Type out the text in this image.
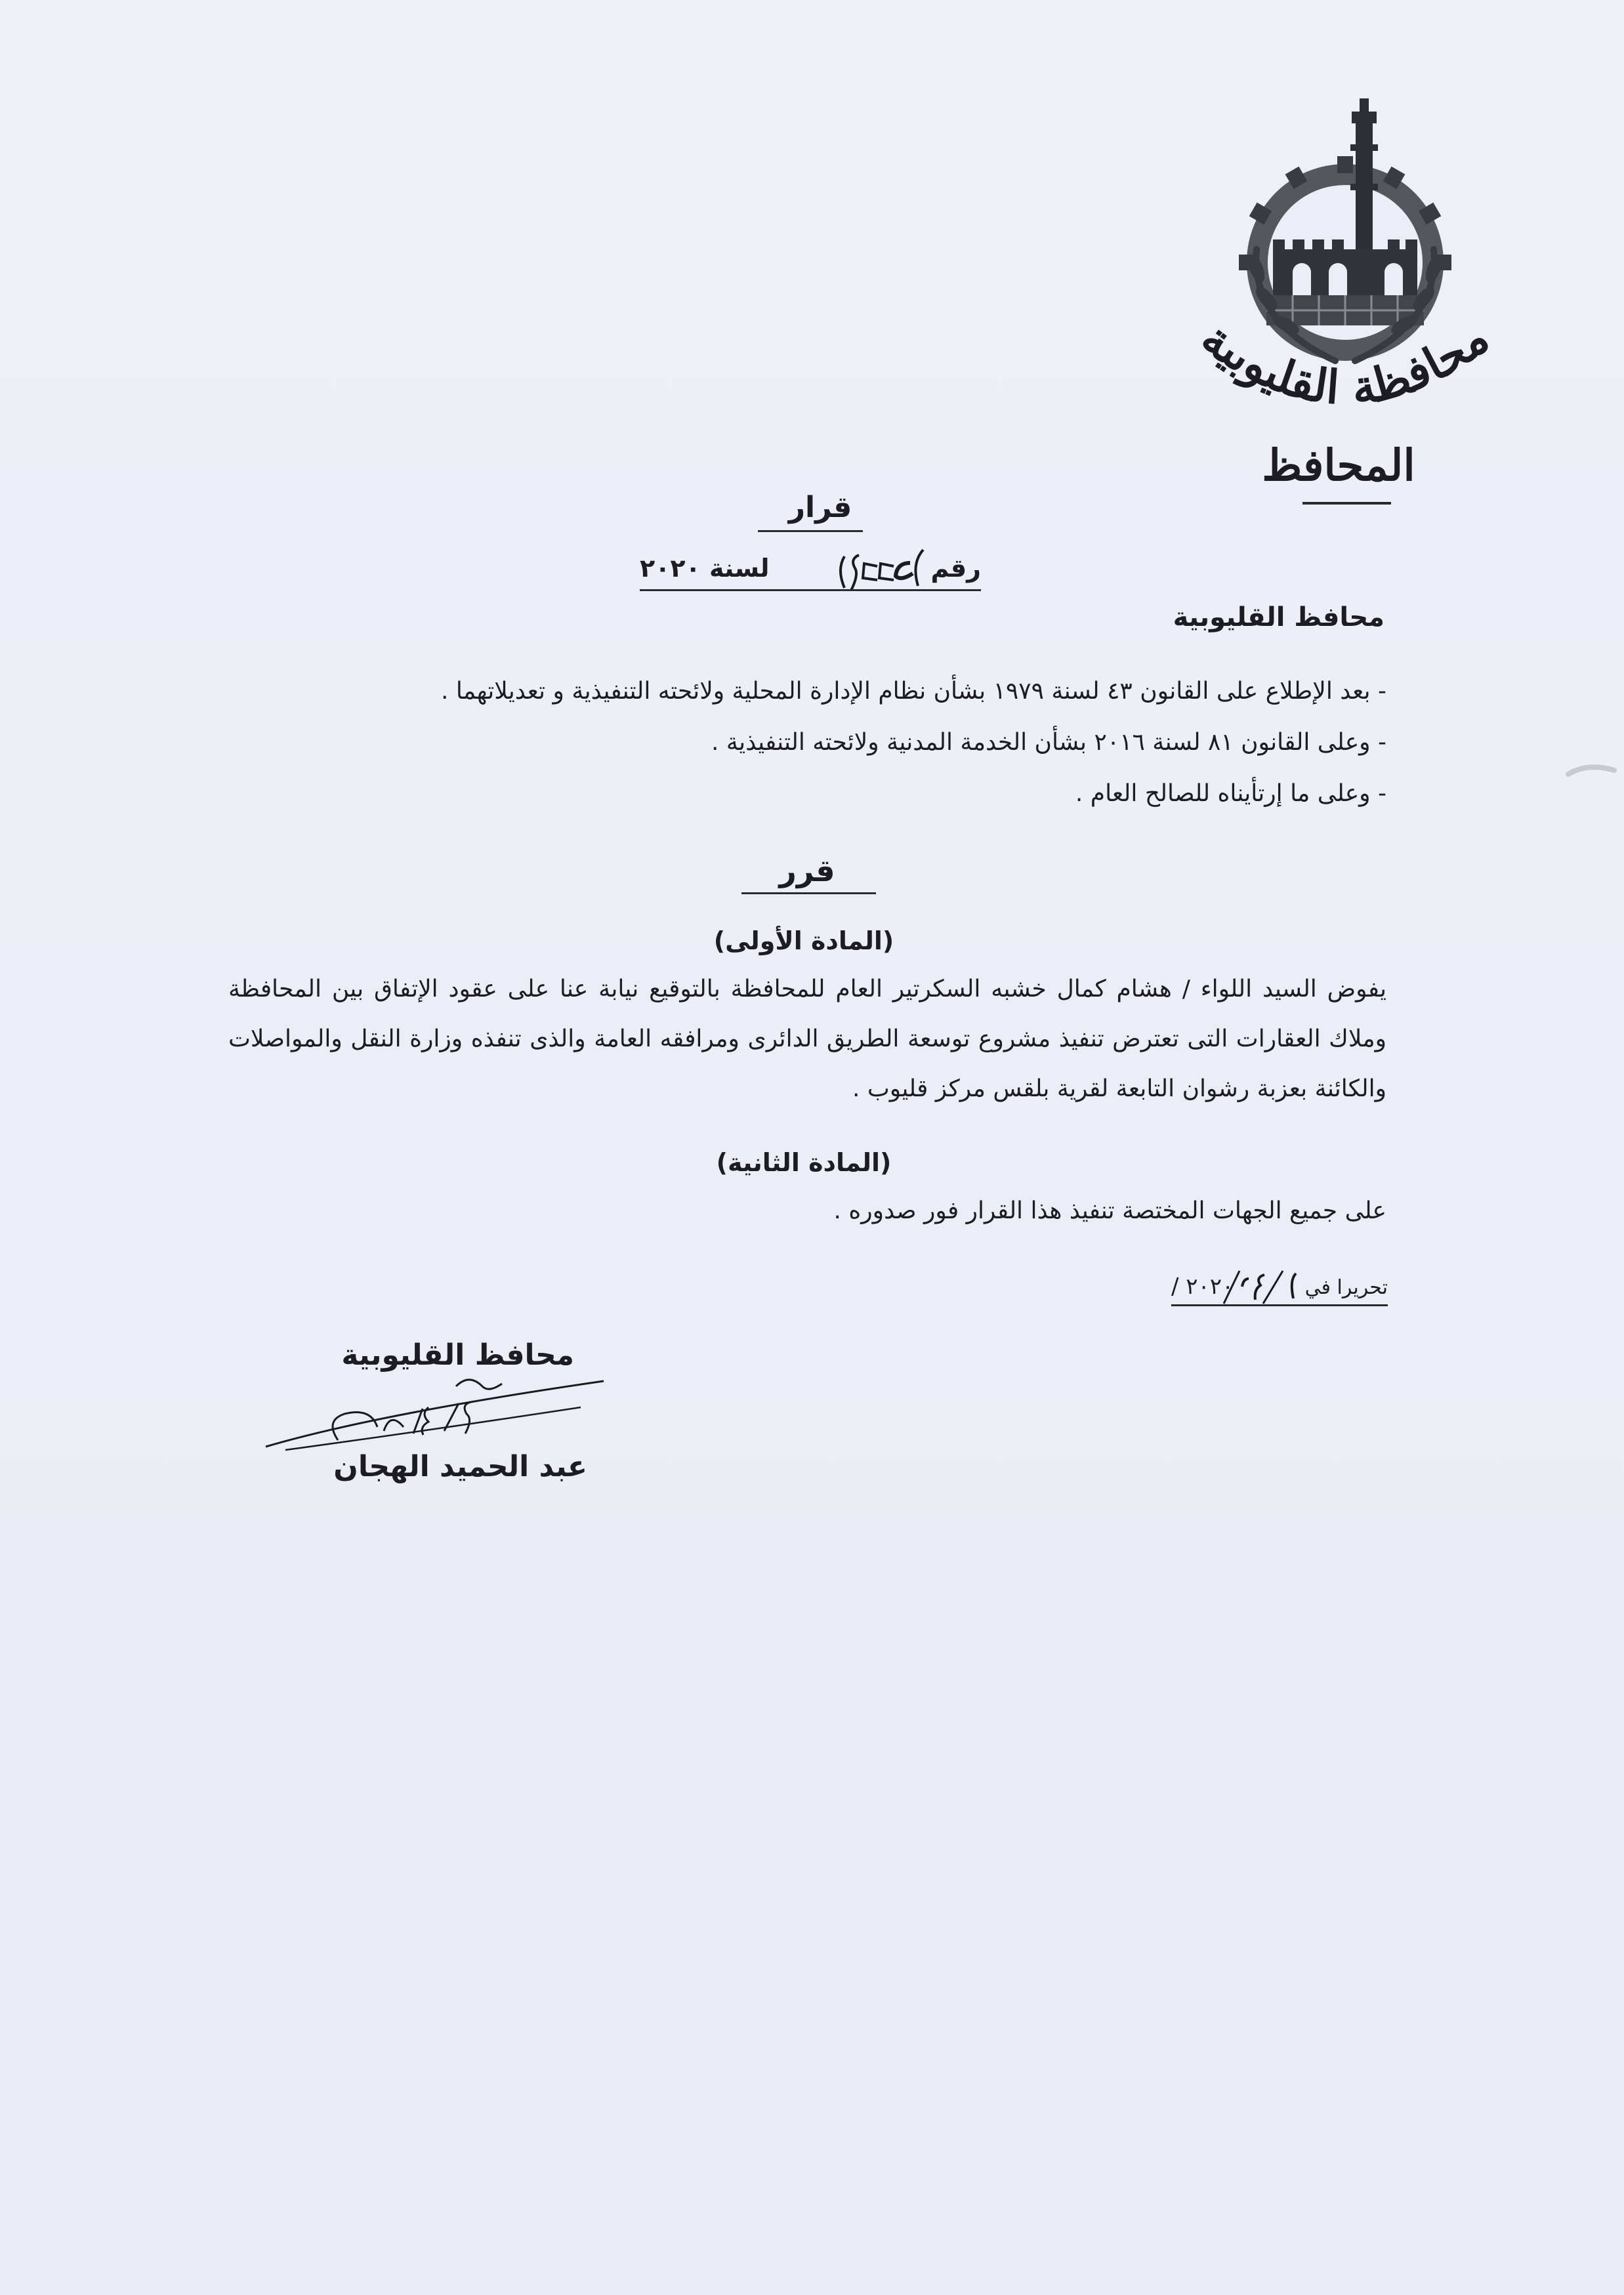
محافظة القليوبية
المحافظ
قرار
رقم
١٢٢٩
لسنة ٢٠٢٠
محافظ القليوبية
- بعد الإطلاع على القانون ٤٣ لسنة ١٩٧٩ بشأن نظام الإدارة المحلية ولائحته التنفيذية و تعديلاتهما .
- وعلى القانون ٨١ لسنة ٢٠١٦ بشأن الخدمة المدنية ولائحته التنفيذية .
- وعلى ما إرتأيناه للصالح العام .
قرر
(المادة الأولى)
يفوض السيد اللواء / هشام كمال خشبه السكرتير العام للمحافظة بالتوقيع نيابة عنا على عقود الإتفاق بين المحافظة وملاك العقارات التى تعترض تنفيذ مشروع توسعة الطريق الدائرى ومرافقه العامة والذى تنفذه وزارة النقل والمواصلات والكائنة بعزبة رشوان التابعة لقرية بلقس مركز قليوب .
(المادة الثانية)
على جميع الجهات المختصة تنفيذ هذا القرار فور صدوره .
تحريرا في
٩/١٢/
٢٠٢٠ /
محافظ القليوبية
١٢/٩
عبد الحميد الهجان
